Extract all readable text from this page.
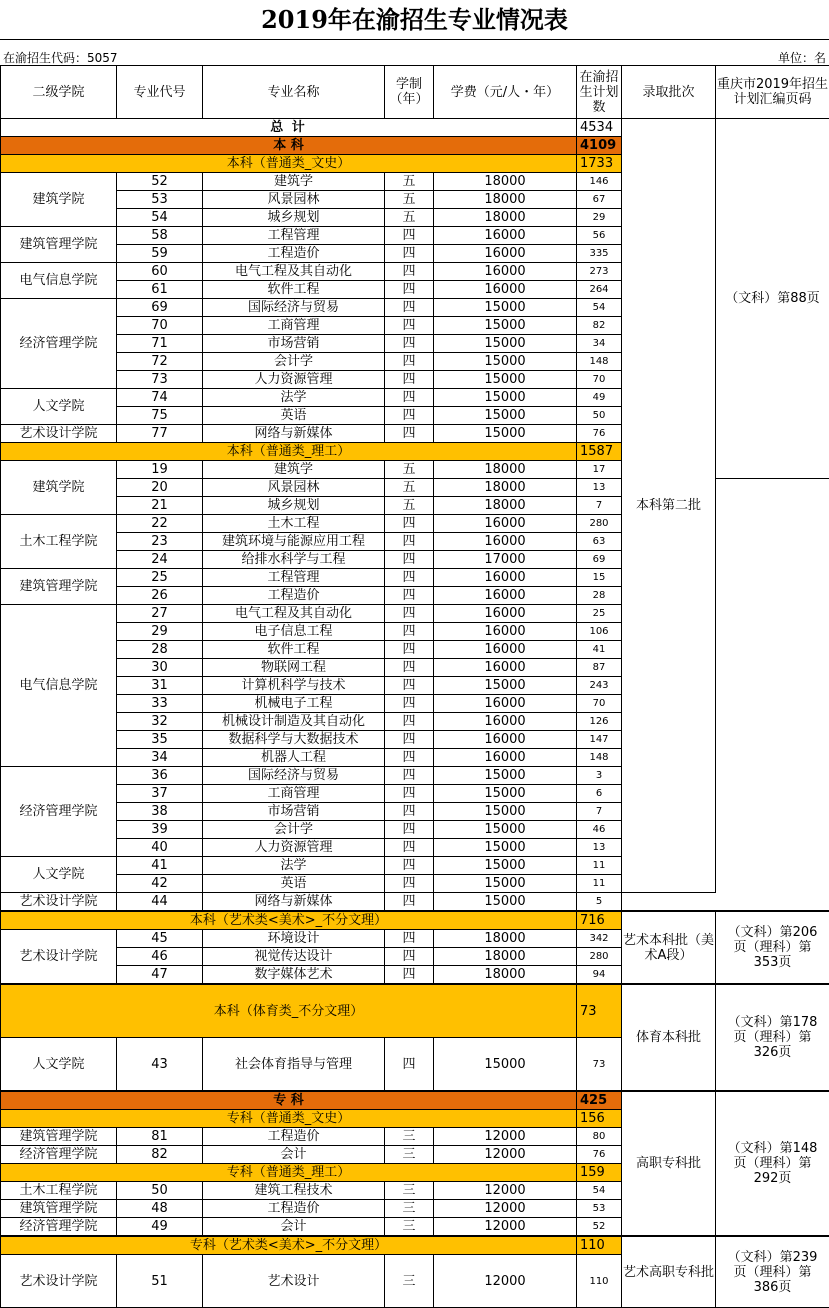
2019年在渝招生专业情况表
在渝招生代码：5057	单位：名
二级学院	专业代号	专业名称	学制（年）	学费（元/人・年）	在渝招生计划数	录取批次	重庆市2019年招生计划汇编页码	
总 计					4534	本科第二批	（文科）第88页	
本 科					4109			
本科（普通类_文史）					1733			
建筑学院	52	建筑学	五	18000	146			
	53	风景园林	五	18000	67			
	54	城乡规划	五	18000	29			
建筑管理学院	58	工程管理	四	16000	56			
	59	工程造价	四	16000	335			
电气信息学院	60	电气工程及其自动化	四	16000	273			
	61	软件工程	四	16000	264			
经济管理学院	69	国际经济与贸易	四	15000	54			
	70	工商管理	四	15000	82			
	71	市场营销	四	15000	34			
	72	会计学	四	15000	148			
	73	人力资源管理	四	15000	70			
人文学院	74	法学	四	15000	49			
	75	英语	四	15000	50			
艺术设计学院	77	网络与新媒体	四	15000	76			
本科（普通类_理工）					1587	
建筑学院	19	建筑学	五	18000	17			
	20	风景园林	五	18000	13			
	21	城乡规划	五	18000	7			
土木工程学院	22	土木工程	四	16000	280			
	23	建筑环境与能源应用工程	四	16000	63			
	24	给排水科学与工程	四	17000	69			
建筑管理学院	25	工程管理	四	16000	15			
	26	工程造价	四	16000	28			
电气信息学院	27	电气工程及其自动化	四	16000	25			
	29	电子信息工程	四	16000	106			
	28	软件工程	四	16000	41			
	30	物联网工程	四	16000	87			
	31	计算机科学与技术	四	15000	243			
	33	机械电子工程	四	16000	70			
	32	机械设计制造及其自动化	四	16000	126			
	35	数据科学与大数据技术	四	16000	147			
	34	机器人工程	四	16000	148			
经济管理学院	36	国际经济与贸易	四	15000	3			
	37	工商管理	四	15000	6			
	38	市场营销	四	15000	7			
	39	会计学	四	15000	46			
	40	人力资源管理	四	15000	13			
人文学院	41	法学	四	15000	11			
	42	英语	四	15000	11			
艺术设计学院	44	网络与新媒体	四	15000	5			
本科（艺术类<美术>_不分文理）					716	艺术本科批（美术A段）	（文科）第206页（理科）第353页	
艺术设计学院	45	环境设计	四	18000	342			
	46	视觉传达设计	四	18000	280			
	47	数字媒体艺术	四	18000	94			
本科（体育类_不分文理）					73	体育本科批	（文科）第178页（理科）第326页	
人文学院	43	社会体育指导与管理	四	15000	73			
专 科					425	高职专科批	（文科）第148页（理科）第292页	
专科（普通类_文史）					156			
建筑管理学院	81	工程造价	三	12000	80			
经济管理学院	82	会计	三	12000	76			
专科（普通类_理工）					159			
土木工程学院	50	建筑工程技术	三	12000	54			
建筑管理学院	48	工程造价	三	12000	53			
经济管理学院	49	会计	三	12000	52			
专科（艺术类<美术>_不分文理）					110	艺术高职专科批	（文科）第239页（理科）第386页	
艺术设计学院	51	艺术设计	三	12000	110			
